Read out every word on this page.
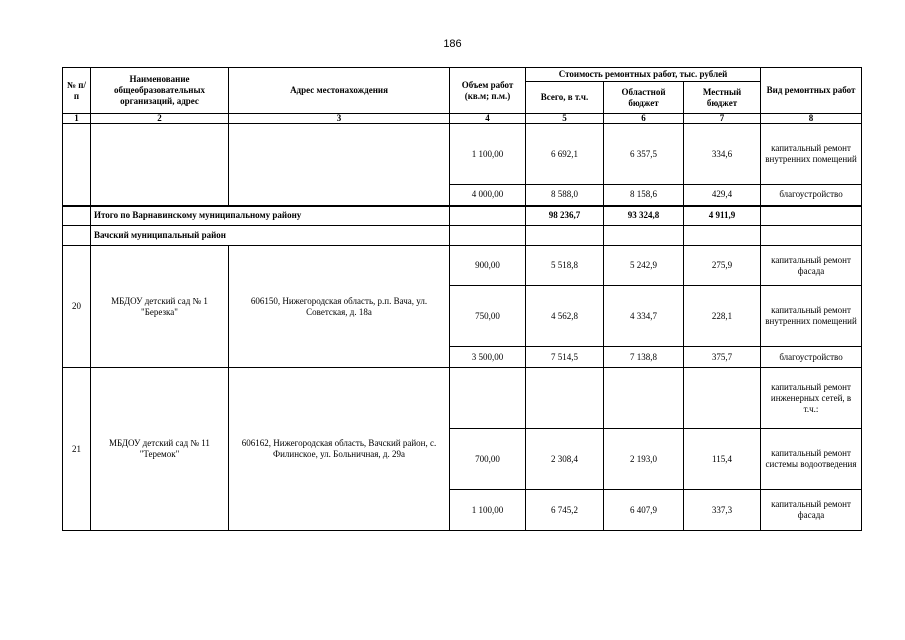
186
№ п/п	Наименование общеобразовательных организаций, адрес	Адрес местонахождения	Объем работ (кв.м; п.м.)	Стоимость ремонтных работ, тыс. рублей			Вид ремонтных работ
				Всего, в т.ч.	Областной бюджет	Местный бюджет	
1	2	3	4	5	6	7	8
			1 100,00	6 692,1	6 357,5	334,6	капитальный ремонт внутренних помещений
			4 000,00	8 588,0	8 158,6	429,4	благоустройство
	Итого по Варнавинскому муниципальному району			98 236,7	93 324,8	4 911,9	
	Вачский муниципальный район						
20	МБДОУ детский сад № 1 "Березка"	606150, Нижегородская область, р.п. Вача, ул. Советская, д. 18а	900,00	5 518,8	5 242,9	275,9	капитальный ремонт фасада
			750,00	4 562,8	4 334,7	228,1	капитальный ремонт внутренних помещений
			3 500,00	7 514,5	7 138,8	375,7	благоустройство
21	МБДОУ детский сад № 11 "Теремок"	606162, Нижегородская область, Вачский район, с. Филинское, ул. Больничная, д. 29а					капитальный ремонт инженерных сетей, в т.ч.:
			700,00	2 308,4	2 193,0	115,4	капитальный ремонт системы водоотведения
			1 100,00	6 745,2	6 407,9	337,3	капитальный ремонт фасада
